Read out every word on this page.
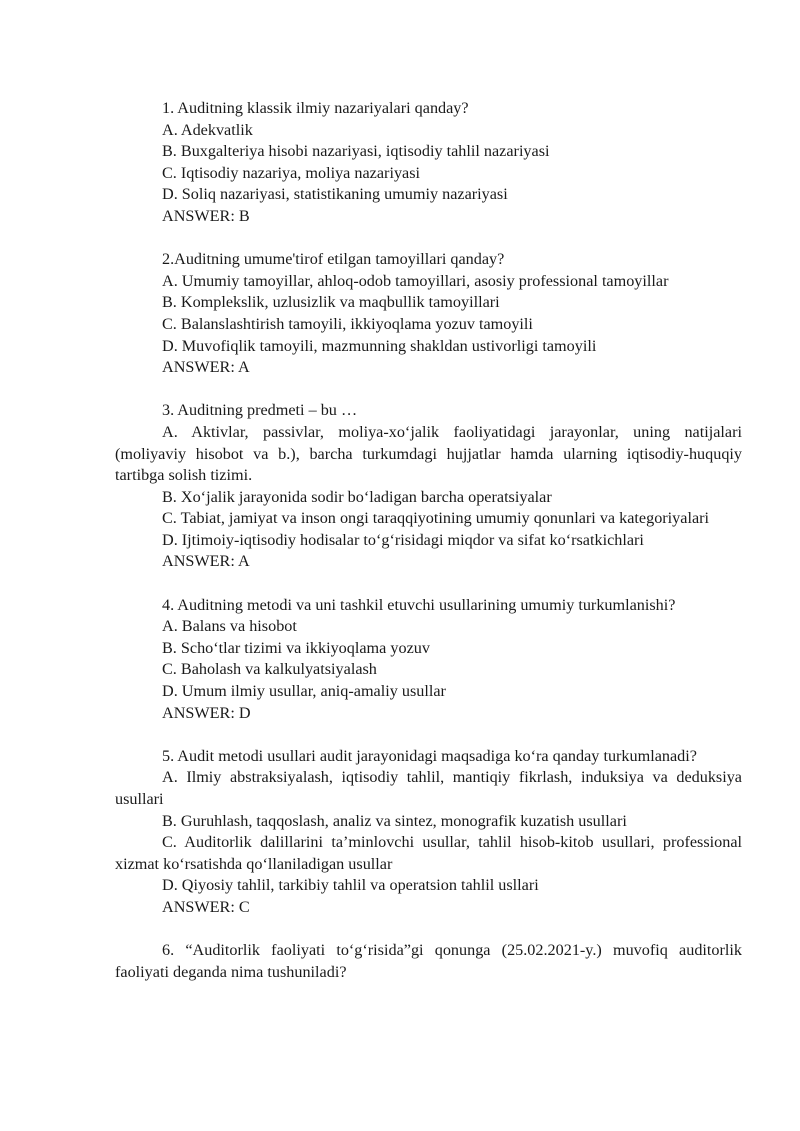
1. Auditning klassik ilmiy nazariyalari qanday?

A. Adekvatlik

B. Buxgalteriya hisobi nazariyasi, iqtisodiy tahlil nazariyasi

C. Iqtisodiy nazariya, moliya nazariyasi

D. Soliq nazariyasi, statistikaning umumiy nazariyasi

ANSWER: B

2.Auditning umume'tirof etilgan tamoyillari qanday?

A. Umumiy tamoyillar, ahloq-odob tamoyillari, asosiy professional tamoyillar

B. Komplekslik, uzlusizlik va maqbullik tamoyillari

C. Balanslashtirish tamoyili, ikkiyoqlama yozuv tamoyili

D. Muvofiqlik tamoyili, mazmunning shakldan ustivorligi tamoyili

ANSWER: A

3. Auditning predmeti – bu …

A. Aktivlar, passivlar, moliya-xo‘jalik faoliyatidagi jarayonlar, uning natijalari (moliyaviy hisobot va b.), barcha turkumdagi hujjatlar hamda ularning iqtisodiy-huquqiy tartibga solish tizimi.

B. Xo‘jalik jarayonida sodir bo‘ladigan barcha operatsiyalar

C. Tabiat, jamiyat va inson ongi taraqqiyotining umumiy qonunlari va kategoriyalari

D. Ijtimoiy-iqtisodiy hodisalar to‘g‘risidagi miqdor va sifat ko‘rsatkichlari

ANSWER: A

4. Auditning metodi va uni tashkil etuvchi usullarining umumiy turkumlanishi?

A. Balans va hisobot

B. Scho‘tlar tizimi va ikkiyoqlama yozuv

C. Baholash va kalkulyatsiyalash

D. Umum ilmiy usullar, aniq-amaliy usullar

ANSWER: D

5. Audit metodi usullari audit jarayonidagi maqsadiga ko‘ra qanday turkumlanadi?

A. Ilmiy abstraksiyalash, iqtisodiy tahlil, mantiqiy fikrlash, induksiya va deduksiya usullari

B. Guruhlash, taqqoslash, analiz va sintez, monografik kuzatish usullari

C. Auditorlik dalillarini ta’minlovchi usullar, tahlil hisob-kitob usullari, professional xizmat ko‘rsatishda qo‘llaniladigan usullar

D. Qiyosiy tahlil, tarkibiy tahlil va operatsion tahlil usllari

ANSWER: C

6. “Auditorlik faoliyati to‘g‘risida”gi qonunga (25.02.2021-y.) muvofiq auditorlik faoliyati deganda nima tushuniladi?
